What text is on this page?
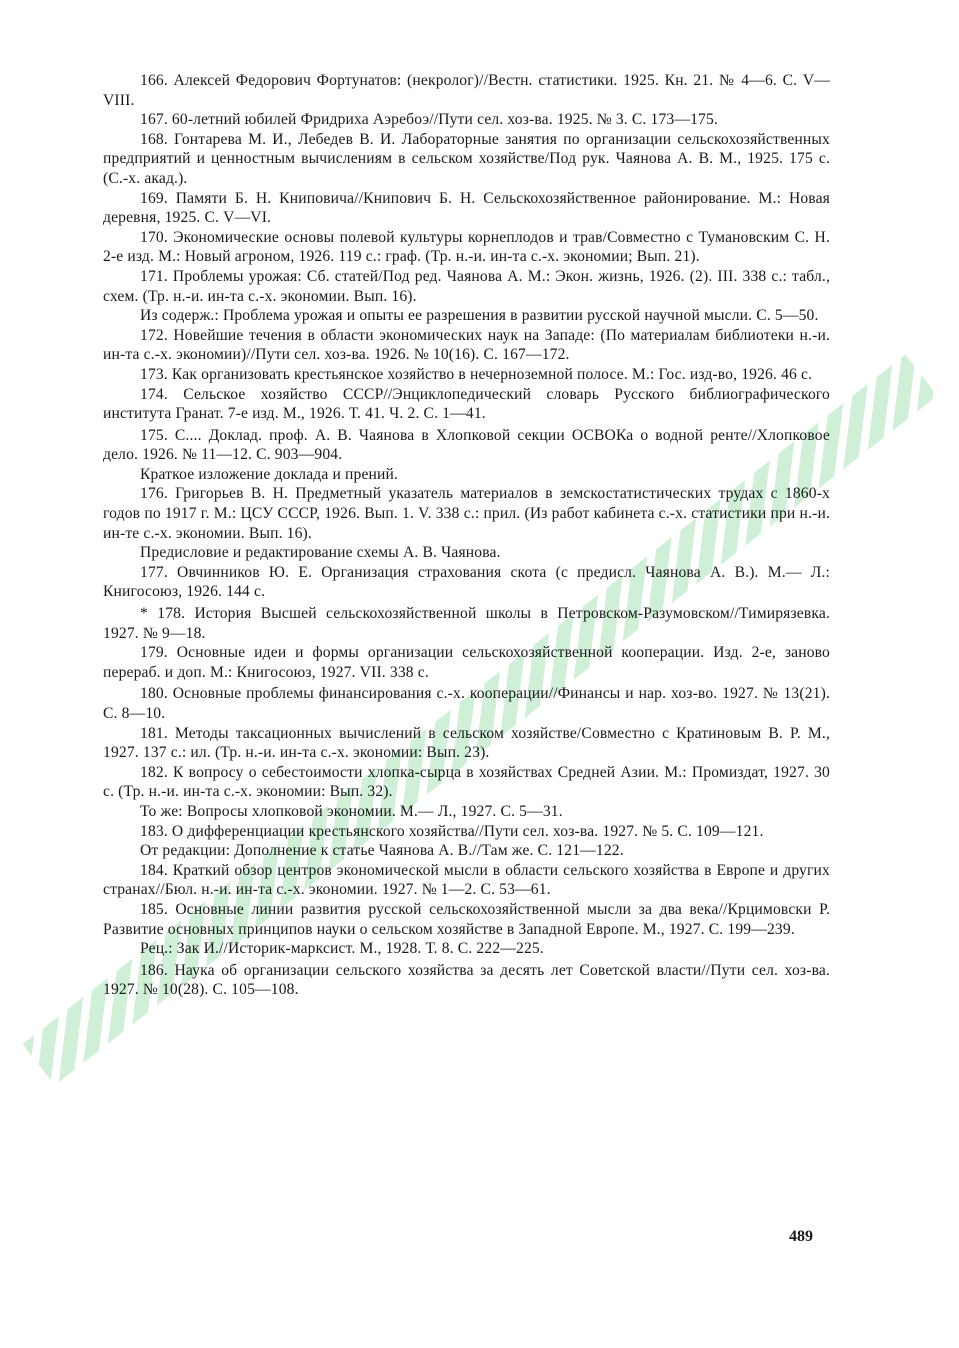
166. Алексей Федорович Фортунатов: (некролог)//Вестн. статистики. 1925. Кн. 21. № 4—6. С. V—VIII.

167. 60-летний юбилей Фридриха Аэребоэ//Пути сел. хоз-ва. 1925. № 3. С. 173—175.

168. Гонтарева М. И., Лебедев В. И. Лабораторные занятия по организации сельскохозяйственных предприятий и ценностным вычислениям в сельском хозяйстве/Под рук. Чаянова А. В. М., 1925. 175 с. (С.-х. акад.).

169. Памяти Б. Н. Книповича//Книпович Б. Н. Сельскохозяйственное районирование. М.: Новая деревня, 1925. С. V—VI.

170. Экономические основы полевой культуры корнеплодов и трав/Совместно с Тумановским С. Н. 2-е изд. М.: Новый агроном, 1926. 119 с.: граф. (Тр. н.-и. ин-та с.-х. экономии; Вып. 21).

171. Проблемы урожая: Сб. статей/Под ред. Чаянова А. М.: Экон. жизнь, 1926. (2). III. 338 с.: табл., схем. (Тр. н.-и. ин-та с.-х. экономии. Вып. 16).

Из содерж.: Проблема урожая и опыты ее разрешения в развитии русской научной мысли. С. 5—50.

172. Новейшие течения в области экономических наук на Западе: (По материалам библиотеки н.-и. ин-та с.-х. экономии)//Пути сел. хоз-ва. 1926. № 10(16). С. 167—172.

173. Как организовать крестьянское хозяйство в нечерноземной полосе. М.: Гос. изд-во, 1926. 46 с.

174. Сельское хозяйство СССР//Энциклопедический словарь Русского библиографического института Гранат. 7-е изд. М., 1926. Т. 41. Ч. 2. С. 1—41.

175. С.... Доклад. проф. А. В. Чаянова в Хлопковой секции ОСВОКа о водной ренте//Хлопковое дело. 1926. № 11—12. С. 903—904.

Краткое изложение доклада и прений.

176. Григорьев В. Н. Предметный указатель материалов в земскостатистических трудах с 1860-х годов по 1917 г. М.: ЦСУ СССР, 1926. Вып. 1. V. 338 с.: прил. (Из работ кабинета с.-х. статистики при н.-и. ин-те с.-х. экономии. Вып. 16).

Предисловие и редактирование схемы А. В. Чаянова.

177. Овчинников Ю. Е. Организация страхования скота (с предисл. Чаянова А. В.). М.— Л.: Книгосоюз, 1926. 144 с.

* 178. История Высшей сельскохозяйственной школы в Петровском-Разумовском//Тимирязевка. 1927. № 9—18.

179. Основные идеи и формы организации сельскохозяйственной кооперации. Изд. 2-е, заново перераб. и доп. М.: Книгосоюз, 1927. VII. 338 с.

180. Основные проблемы финансирования с.-х. кооперации//Финансы и нар. хоз-во. 1927. № 13(21). С. 8—10.

181. Методы таксационных вычислений в сельском хозяйстве/Совместно с Кратиновым В. Р. М., 1927. 137 с.: ил. (Тр. н.-и. ин-та с.-х. экономии: Вып. 23).

182. К вопросу о себестоимости хлопка-сырца в хозяйствах Средней Азии. М.: Промиздат, 1927. 30 с. (Тр. н.-и. ин-та с.-х. экономии: Вып. 32).

То же: Вопросы хлопковой экономии. М.— Л., 1927. С. 5—31.

183. О дифференциации крестьянского хозяйства//Пути сел. хоз-ва. 1927. № 5. С. 109—121.

От редакции: Дополнение к статье Чаянова А. В.//Там же. С. 121—122.

184. Краткий обзор центров экономической мысли в области сельского хозяйства в Европе и других странах//Бюл. н.-и. ин-та с.-х. экономии. 1927. № 1—2. С. 53—61.

185. Основные линии развития русской сельскохозяйственной мысли за два века//Крцимовски Р. Развитие основных принципов науки о сельском хозяйстве в Западной Европе. М., 1927. С. 199—239.

Рец.: Зак И.//Историк-марксист. М., 1928. Т. 8. С. 222—225.

186. Наука об организации сельского хозяйства за десять лет Советской власти//Пути сел. хоз-ва. 1927. № 10(28). С. 105—108.

489
